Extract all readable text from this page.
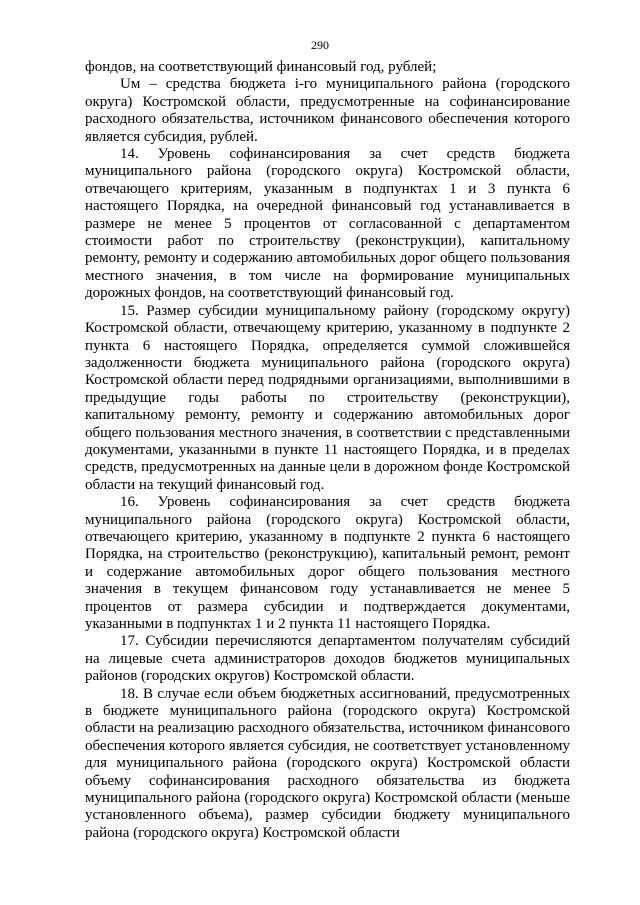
290

фондов, на соответствующий финансовый год, рублей;

Uм – средства бюджета i-го муниципального района (городского округа) Костромской области, предусмотренные на софинансирование расходного обязательства, источником финансового обеспечения которого является субсидия, рублей.

14. Уровень софинансирования за счет средств бюджета муниципального района (городского округа) Костромской области, отвечающего критериям, указанным в подпунктах 1 и 3 пункта 6 настоящего Порядка, на очередной финансовый год устанавливается в размере не менее 5 процентов от согласованной с департаментом стоимости работ по строительству (реконструкции), капитальному ремонту, ремонту и содержанию автомобильных дорог общего пользования местного значения, в том числе на формирование муниципальных дорожных фондов, на соответствующий финансовый год.

15. Размер субсидии муниципальному району (городскому округу) Костромской области, отвечающему критерию, указанному в подпункте 2 пункта 6 настоящего Порядка, определяется суммой сложившейся задолженности бюджета муниципального района (городского округа) Костромской области перед подрядными организациями, выполнившими в предыдущие годы работы по строительству (реконструкции), капитальному ремонту, ремонту и содержанию автомобильных дорог общего пользования местного значения, в соответствии с представленными документами, указанными в пункте 11 настоящего Порядка, и в пределах средств, предусмотренных на данные цели в дорожном фонде Костромской области на текущий финансовый год.

16. Уровень софинансирования за счет средств бюджета муниципального района (городского округа) Костромской области, отвечающего критерию, указанному в подпункте 2 пункта 6 настоящего Порядка, на строительство (реконструкцию), капитальный ремонт, ремонт и содержание автомобильных дорог общего пользования местного значения в текущем финансовом году устанавливается не менее 5 процентов от размера субсидии и подтверждается документами, указанными в подпунктах 1 и 2 пункта 11 настоящего Порядка.

17. Субсидии перечисляются департаментом получателям субсидий на лицевые счета администраторов доходов бюджетов муниципальных районов (городских округов) Костромской области.

18. В случае если объем бюджетных ассигнований, предусмотренных в бюджете муниципального района (городского округа) Костромской области на реализацию расходного обязательства, источником финансового обеспечения которого является субсидия, не соответствует установленному для муниципального района (городского округа) Костромской области объему софинансирования расходного обязательства из бюджета муниципального района (городского округа) Костромской области (меньше установленного объема), размер субсидии бюджету муниципального района (городского округа) Костромской области
